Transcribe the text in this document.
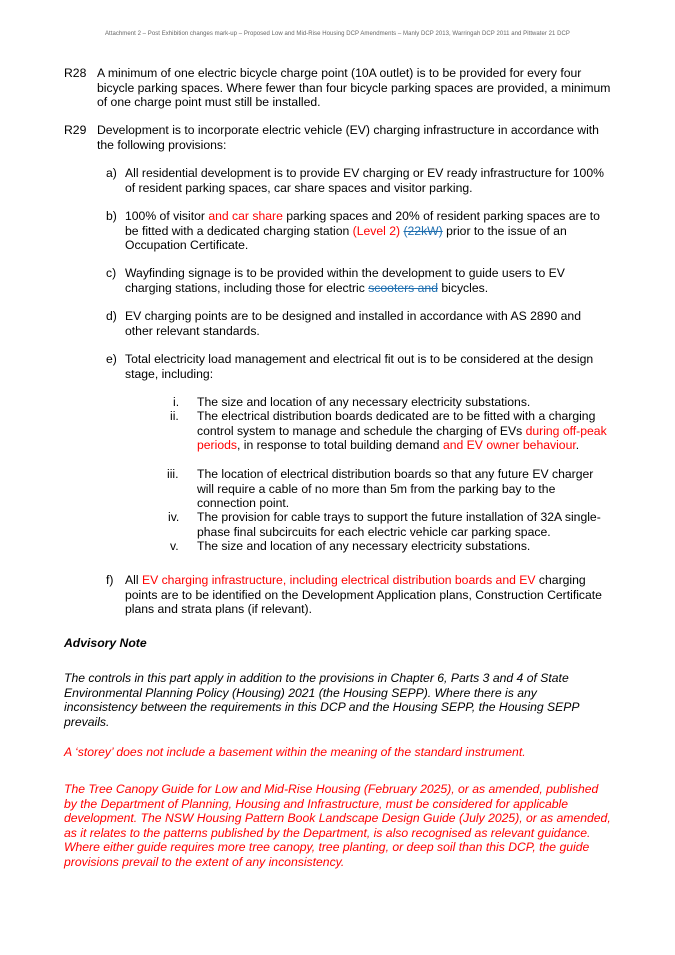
Attachment 2 – Post Exhibition changes mark-up – Proposed Low and Mid-Rise Housing DCP Amendments – Manly DCP 2013, Warringah DCP 2011 and Pittwater 21 DCP
R28 A minimum of one electric bicycle charge point (10A outlet) is to be provided for every four bicycle parking spaces. Where fewer than four bicycle parking spaces are provided, a minimum of one charge point must still be installed.
R29 Development is to incorporate electric vehicle (EV) charging infrastructure in accordance with the following provisions:
a) All residential development is to provide EV charging or EV ready infrastructure for 100% of resident parking spaces, car share spaces and visitor parking.
b) 100% of visitor and car share parking spaces and 20% of resident parking spaces are to be fitted with a dedicated charging station (Level 2) (22kW) prior to the issue of an Occupation Certificate.
c) Wayfinding signage is to be provided within the development to guide users to EV charging stations, including those for electric scooters and bicycles.
d) EV charging points are to be designed and installed in accordance with AS 2890 and other relevant standards.
e) Total electricity load management and electrical fit out is to be considered at the design stage, including:
i. The size and location of any necessary electricity substations.
ii. The electrical distribution boards dedicated are to be fitted with a charging control system to manage and schedule the charging of EVs during off-peak periods, in response to total building demand and EV owner behaviour.
iii. The location of electrical distribution boards so that any future EV charger will require a cable of no more than 5m from the parking bay to the connection point.
iv. The provision for cable trays to support the future installation of 32A single-phase final subcircuits for each electric vehicle car parking space.
v. The size and location of any necessary electricity substations.
f) All EV charging infrastructure, including electrical distribution boards and EV charging points are to be identified on the Development Application plans, Construction Certificate plans and strata plans (if relevant).
Advisory Note
The controls in this part apply in addition to the provisions in Chapter 6, Parts 3 and 4 of State Environmental Planning Policy (Housing) 2021 (the Housing SEPP). Where there is any inconsistency between the requirements in this DCP and the Housing SEPP, the Housing SEPP prevails.
A ‘storey’ does not include a basement within the meaning of the standard instrument.
The Tree Canopy Guide for Low and Mid-Rise Housing (February 2025), or as amended, published by the Department of Planning, Housing and Infrastructure, must be considered for applicable development. The NSW Housing Pattern Book Landscape Design Guide (July 2025), or as amended, as it relates to the patterns published by the Department, is also recognised as relevant guidance. Where either guide requires more tree canopy, tree planting, or deep soil than this DCP, the guide provisions prevail to the extent of any inconsistency.
